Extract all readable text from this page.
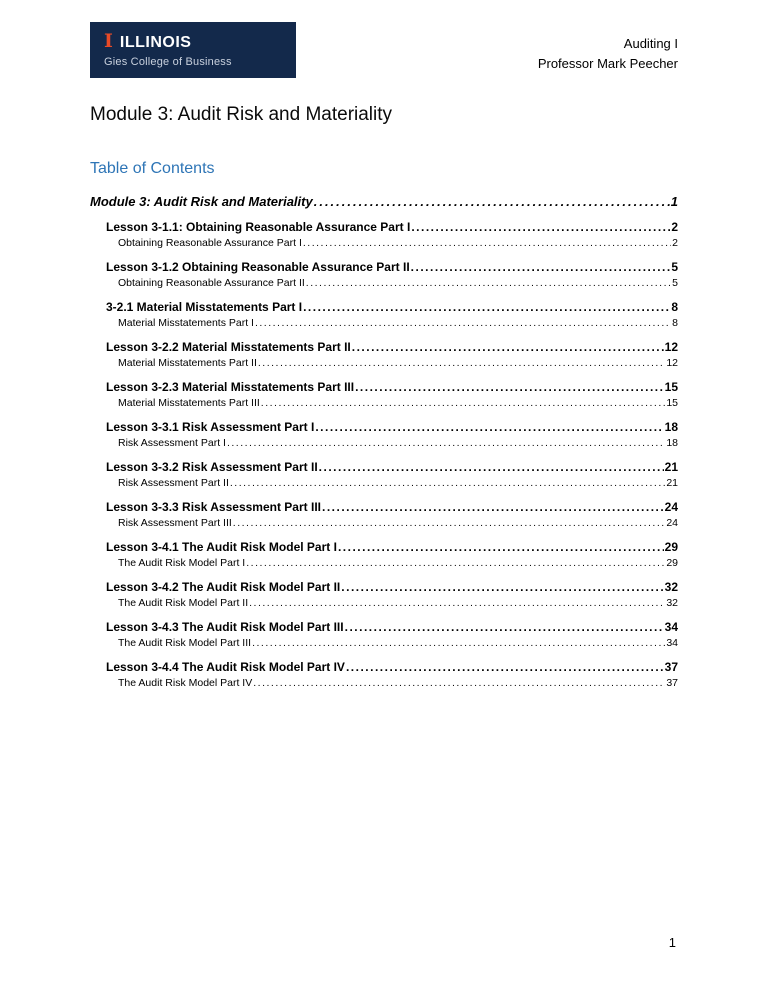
I ILLINOIS
Gies College of Business
Auditing I
Professor Mark Peecher
Module 3: Audit Risk and Materiality
Table of Contents
Module 3: Audit Risk and Materiality .....	1
Lesson 3-1.1: Obtaining Reasonable Assurance Part I .....	2
Obtaining Reasonable Assurance Part I .....	2
Lesson 3-1.2 Obtaining Reasonable Assurance Part II .....	5
Obtaining Reasonable Assurance Part II .....	5
3-2.1 Material Misstatements Part I .....	8
Material Misstatements Part I .....	8
Lesson 3-2.2 Material Misstatements Part II .....	12
Material Misstatements Part II .....	12
Lesson 3-2.3 Material Misstatements Part III .....	15
Material Misstatements Part III .....	15
Lesson 3-3.1 Risk Assessment Part I .....	18
Risk Assessment Part I .....	18
Lesson 3-3.2 Risk Assessment Part II .....	21
Risk Assessment Part II .....	21
Lesson 3-3.3 Risk Assessment Part III .....	24
Risk Assessment Part III .....	24
Lesson 3-4.1 The Audit Risk Model Part I .....	29
The Audit Risk Model Part I .....	29
Lesson 3-4.2 The Audit Risk Model Part II .....	32
The Audit Risk Model Part II .....	32
Lesson 3-4.3 The Audit Risk Model Part III .....	34
The Audit Risk Model Part III .....	34
Lesson 3-4.4 The Audit Risk Model Part IV .....	37
The Audit Risk Model Part IV .....	37
1
